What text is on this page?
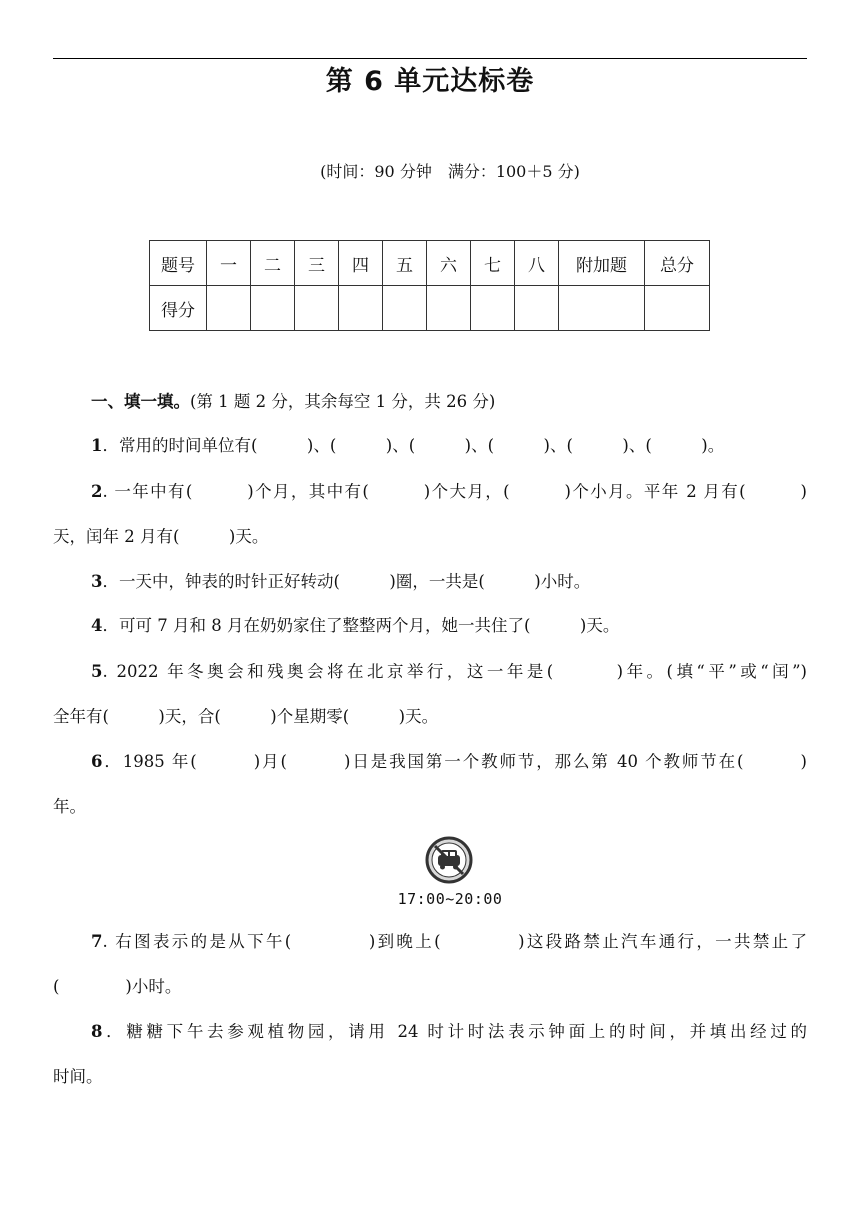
第 6 单元达标卷
(时间：90 分钟　满分：100＋5 分)
题号	一	二	三	四	五	六	七	八	附加题	总分
得分										
一、填一填。(第 1 题 2 分，其余每空 1 分，共 26 分)
1．常用的时间单位有(　　　)、(　　　)、(　　　)、(　　　)、(　　　)、(　　　)。
2. 一年中有(　　　)个月，其中有(　　　)个大月，(　　　)个小月。平年 2 月有(　　　)
天，闰年 2 月有(　　　)天。
3．一天中，钟表的时针正好转动(　　　)圈，一共是(　　　)小时。
4．可可 7 月和 8 月在奶奶家住了整整两个月，她一共住了(　　　)天。
5. 2022 年冬奥会和残奥会将在北京举行，这一年是(　　　)年。(填“平”或“闰”)
全年有(　　　)天，合(　　　)个星期零(　　　)天。
6．1985 年(　　　)月(　　　)日是我国第一个教师节，那么第 40 个教师节在(　　　)
年。
17:00~20:00
7. 右图表示的是从下午(　　　　)到晚上(　　　　)这段路禁止汽车通行，一共禁止了
(　　　　)小时。
8．糖糖下午去参观植物园，请用 24 时计时法表示钟面上的时间，并填出经过的
时间。
